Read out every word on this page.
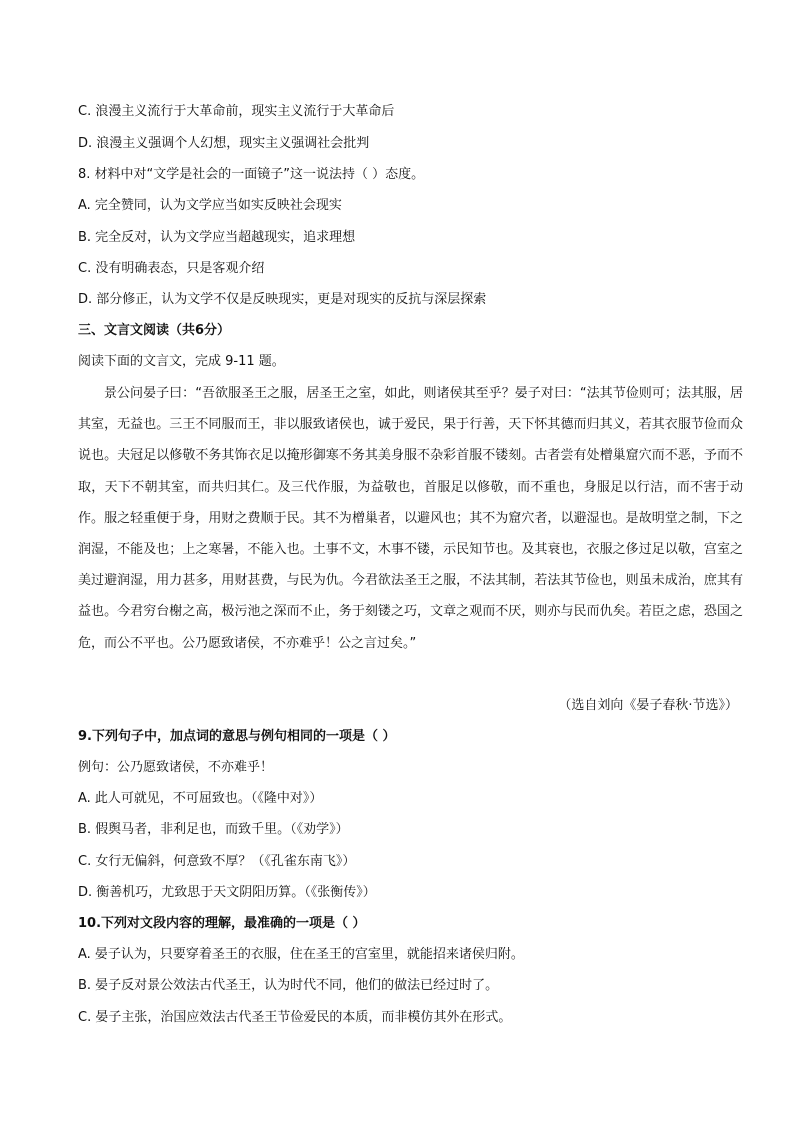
C. 浪漫主义流行于大革命前，现实主义流行于大革命后
D. 浪漫主义强调个人幻想，现实主义强调社会批判
8. 材料中对“文学是社会的一面镜子”这一说法持（ ）态度。
A. 完全赞同，认为文学应当如实反映社会现实
B. 完全反对，认为文学应当超越现实，追求理想
C. 没有明确表态，只是客观介绍
D. 部分修正，认为文学不仅是反映现实，更是对现实的反抗与深层探索
三、文言文阅读（共6分）
阅读下面的文言文，完成 9-11 题。
景公问晏子曰：“吾欲服圣王之服，居圣王之室，如此，则诸侯其至乎？晏子对曰：“法其节俭则可；法其服，居其室，无益也。三王不同服而王，非以服致诸侯也，诚于爱民，果于行善，天下怀其德而归其义，若其衣服节俭而众说也。夫冠足以修敬不务其饰衣足以掩形御寒不务其美身服不杂彩首服不镂刻。古者尝有处橧巢窟穴而不恶，予而不取，天下不朝其室，而共归其仁。及三代作服，为益敬也，首服足以修敬，而不重也，身服足以行洁，而不害于动作。服之轻重便于身，用财之费顺于民。其不为橧巢者，以避风也；其不为窟穴者，以避湿也。是故明堂之制，下之润湿，不能及也；上之寒暑，不能入也。土事不文，木事不镂，示民知节也。及其衰也，衣服之侈过足以敬，宫室之美过避润湿，用力甚多，用财甚费，与民为仇。今君欲法圣王之服，不法其制，若法其节俭也，则虽未成治，庶其有益也。今君穷台榭之高，极污池之深而不止，务于刻镂之巧，文章之观而不厌，则亦与民而仇矣。若臣之虑，恐国之危，而公不平也。公乃愿致诸侯，不亦难乎！公之言过矣。”
（选自刘向《晏子春秋·节选》）
9.下列句子中，加点词的意思与例句相同的一项是（ ）
例句：公乃愿致诸侯，不亦难乎！
A. 此人可就见，不可屈致也。（《隆中对》）
B. 假舆马者，非利足也，而致千里。（《劝学》）
C. 女行无偏斜，何意致不厚？（《孔雀东南飞》）
D. 衡善机巧，尤致思于天文阴阳历算。（《张衡传》）
10.下列对文段内容的理解，最准确的一项是（ ）
A. 晏子认为，只要穿着圣王的衣服，住在圣王的宫室里，就能招来诸侯归附。
B. 晏子反对景公效法古代圣王，认为时代不同，他们的做法已经过时了。
C. 晏子主张，治国应效法古代圣王节俭爱民的本质，而非模仿其外在形式。
